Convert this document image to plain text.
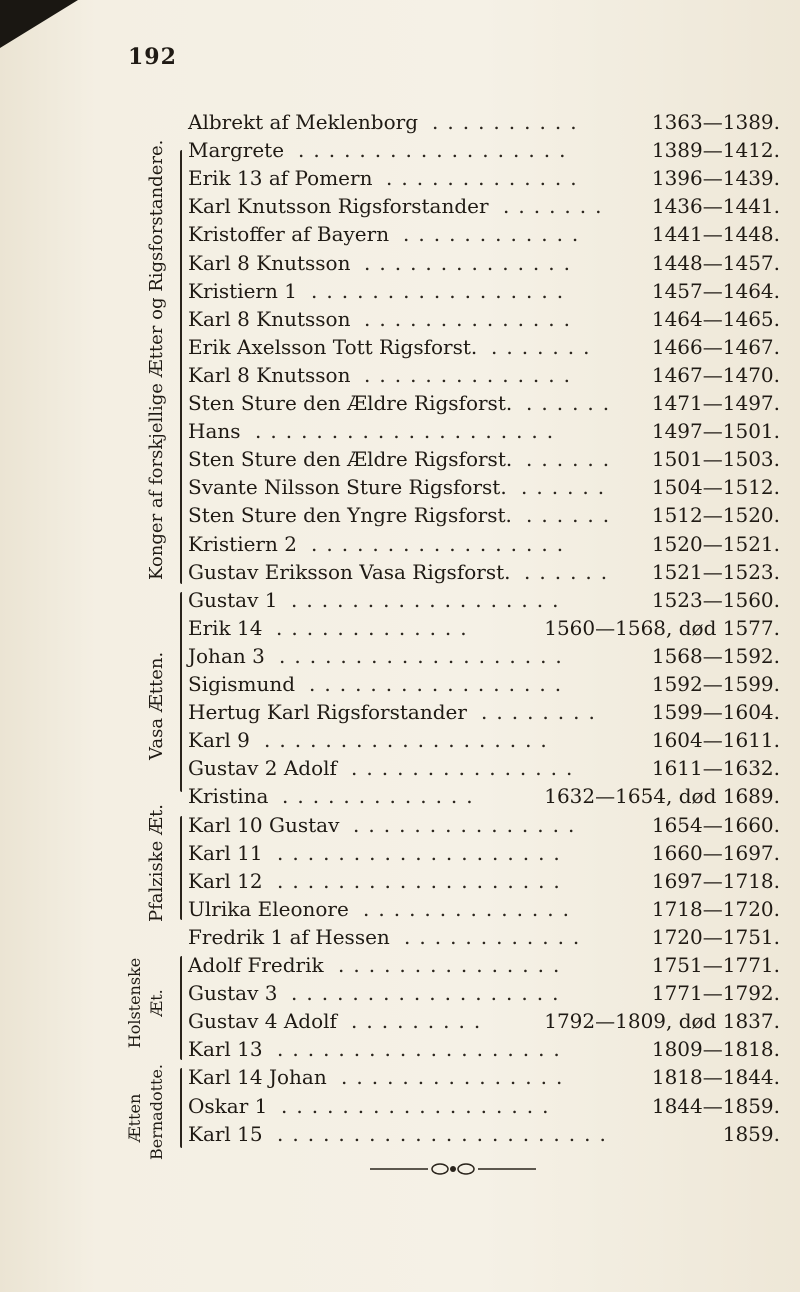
192
Konger af forskjellige Ætter og Rigsforstandere.
Vasa Ætten.
Pfalziske Æt.
Holstenske Æt.
Ætten Bernadotte.
Albrekt af Meklenborg ..........	1363—1389.
Margrete ..................	1389—1412.
Erik 13 af Pomern .............	1396—1439.
Karl Knutsson Rigsforstander ....... 1436—1441.
Kristoffer af Bayern ............	1441—1448.
Karl 8 Knutsson ..............	1448—1457.
Kristiern 1 .................	1457—1464.
Karl 8 Knutsson ..............	1464—1465.
Erik Axelsson Tott Rigsforst. .......	1466—1467.
Karl 8 Knutsson ..............	1467—1470.
Sten Sture den Ældre Rigsforst. ...... 1471—1497.
Hans ....................	1497—1501.
Sten Sture den Ældre Rigsforst. ...... 1501—1503.
Svante Nilsson Sture Rigsforst. ...... 1504—1512.
Sten Sture den Yngre Rigsforst. ...... 1512—1520.
Kristiern 2 .................	1520—1521.
Gustav Eriksson Vasa Rigsforst. ...... 1521—1523.
Gustav 1 ..................	1523—1560.
Erik 14 .............	1560—1568, død 1577.
Johan 3 ...................	1568—1592.
Sigismund .................	1592—1599.
Hertug Karl Rigsforstander ........ 1599—1604.
Karl 9 ...................	1604—1611.
Gustav 2 Adolf ...............	1611—1632.
Kristina .............	1632—1654, død 1689.
Karl 10 Gustav ...............	1654—1660.
Karl 11 ...................	1660—1697.
Karl 12 ...................	1697—1718.
Ulrika Eleonore ..............	1718—1720.
Fredrik 1 af Hessen ............	1720—1751.
Adolf Fredrik ...............	1751—1771.
Gustav 3 ..................	1771—1792.
Gustav 4 Adolf .........	1792—1809, død 1837.
Karl 13 ...................	1809—1818.
Karl 14 Johan ...............	1818—1844.
Oskar 1 ..................	1844—1859.
Karl 15 ......................	1859.
